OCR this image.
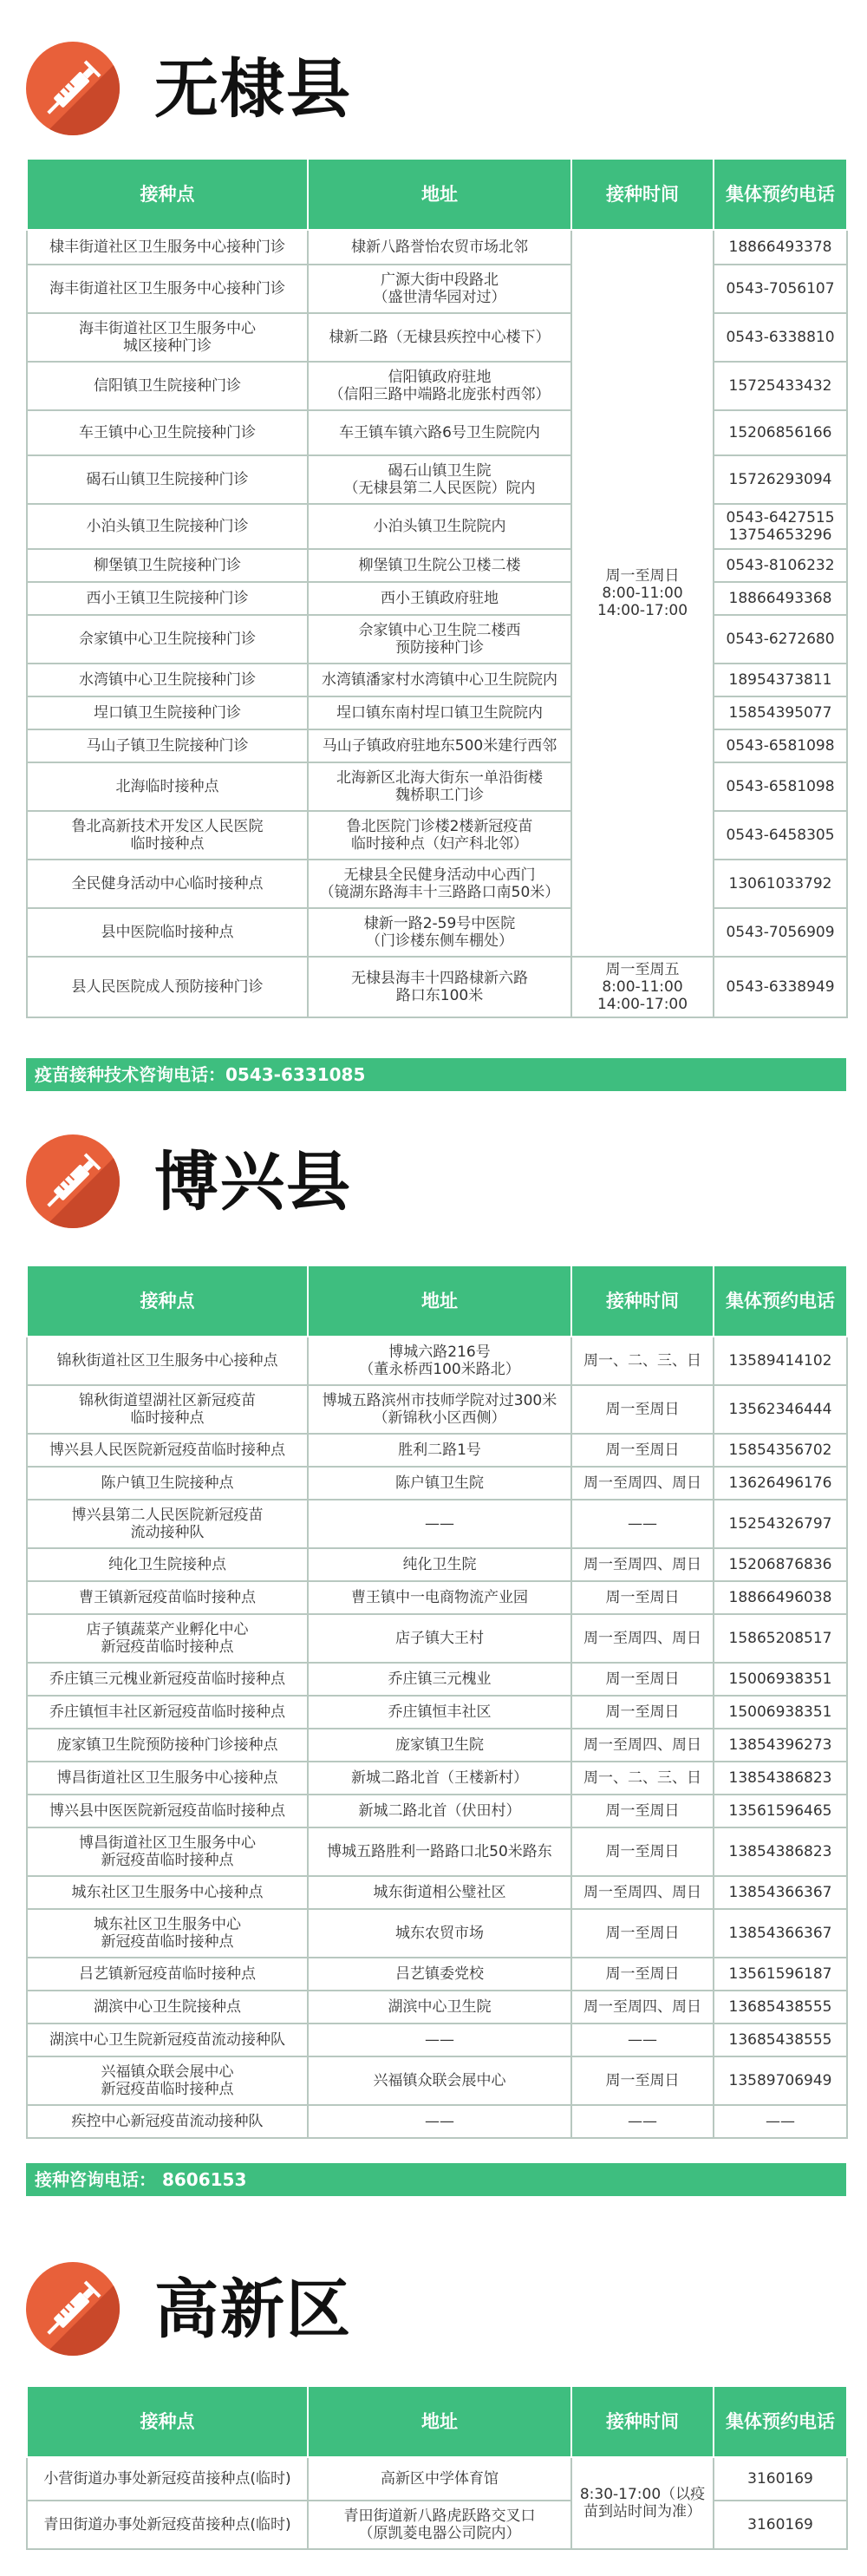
无棣县
接种点	地址	接种时间	集体预约电话
棣丰街道社区卫生服务中心接种门诊	棣新八路誉怡农贸市场北邻	周一至周日
8:00-11:00
14:00-17:00	18866493378
海丰街道社区卫生服务中心接种门诊	广源大街中段路北
（盛世清华园对过）		0543-7056107
海丰街道社区卫生服务中心
城区接种门诊	棣新二路（无棣县疾控中心楼下）		0543-6338810
信阳镇卫生院接种门诊	信阳镇政府驻地
（信阳三路中端路北庞张村西邻）		15725433432
车王镇中心卫生院接种门诊	车王镇车镇六路6号卫生院院内		15206856166
碣石山镇卫生院接种门诊	碣石山镇卫生院
（无棣县第二人民医院）院内		15726293094
小泊头镇卫生院接种门诊	小泊头镇卫生院院内		0543-6427515
13754653296
柳堡镇卫生院接种门诊	柳堡镇卫生院公卫楼二楼		0543-8106232
西小王镇卫生院接种门诊	西小王镇政府驻地		18866493368
佘家镇中心卫生院接种门诊	佘家镇中心卫生院二楼西
预防接种门诊		0543-6272680
水湾镇中心卫生院接种门诊	水湾镇潘家村水湾镇中心卫生院院内		18954373811
埕口镇卫生院接种门诊	埕口镇东南村埕口镇卫生院院内		15854395077
马山子镇卫生院接种门诊	马山子镇政府驻地东500米建行西邻		0543-6581098
北海临时接种点	北海新区北海大街东一单沿街楼
魏桥职工门诊		0543-6581098
鲁北高新技术开发区人民医院
临时接种点	鲁北医院门诊楼2楼新冠疫苗
临时接种点（妇产科北邻）		0543-6458305
全民健身活动中心临时接种点	无棣县全民健身活动中心西门
（镜湖东路海丰十三路路口南50米）		13061033792
县中医院临时接种点	棣新一路2-59号中医院
（门诊楼东侧车棚处）		0543-7056909
县人民医院成人预防接种门诊	无棣县海丰十四路棣新六路
路口东100米	周一至周五
8:00-11:00
14:00-17:00	0543-6338949
疫苗接种技术咨询电话：0543-6331085
博兴县
接种点	地址	接种时间	集体预约电话
锦秋街道社区卫生服务中心接种点	博城六路216号
（董永桥西100米路北）	周一、二、三、日	13589414102
锦秋街道望湖社区新冠疫苗
临时接种点	博城五路滨州市技师学院对过300米
（新锦秋小区西侧）	周一至周日	13562346444
博兴县人民医院新冠疫苗临时接种点	胜利二路1号	周一至周日	15854356702
陈户镇卫生院接种点	陈户镇卫生院	周一至周四、周日	13626496176
博兴县第二人民医院新冠疫苗
流动接种队	——	——	15254326797
纯化卫生院接种点	纯化卫生院	周一至周四、周日	15206876836
曹王镇新冠疫苗临时接种点	曹王镇中一电商物流产业园	周一至周日	18866496038
店子镇蔬菜产业孵化中心
新冠疫苗临时接种点	店子镇大王村	周一至周四、周日	15865208517
乔庄镇三元槐业新冠疫苗临时接种点	乔庄镇三元槐业	周一至周日	15006938351
乔庄镇恒丰社区新冠疫苗临时接种点	乔庄镇恒丰社区	周一至周日	15006938351
庞家镇卫生院预防接种门诊接种点	庞家镇卫生院	周一至周四、周日	13854396273
博昌街道社区卫生服务中心接种点	新城二路北首（王楼新村）	周一、二、三、日	13854386823
博兴县中医医院新冠疫苗临时接种点	新城二路北首（伏田村）	周一至周日	13561596465
博昌街道社区卫生服务中心
新冠疫苗临时接种点	博城五路胜利一路路口北50米路东	周一至周日	13854386823
城东社区卫生服务中心接种点	城东街道相公璧社区	周一至周四、周日	13854366367
城东社区卫生服务中心
新冠疫苗临时接种点	城东农贸市场	周一至周日	13854366367
吕艺镇新冠疫苗临时接种点	吕艺镇委党校	周一至周日	13561596187
湖滨中心卫生院接种点	湖滨中心卫生院	周一至周四、周日	13685438555
湖滨中心卫生院新冠疫苗流动接种队	——	——	13685438555
兴福镇众联会展中心
新冠疫苗临时接种点	兴福镇众联会展中心	周一至周日	13589706949
疾控中心新冠疫苗流动接种队	——	——	——
接种咨询电话： 8606153
高新区
接种点	地址	接种时间	集体预约电话
小营街道办事处新冠疫苗接种点(临时)	高新区中学体育馆	8:30-17:00（以疫
苗到站时间为准）	3160169
青田街道办事处新冠疫苗接种点(临时)	青田街道新八路虎跃路交叉口
（原凯菱电器公司院内）		3160169
